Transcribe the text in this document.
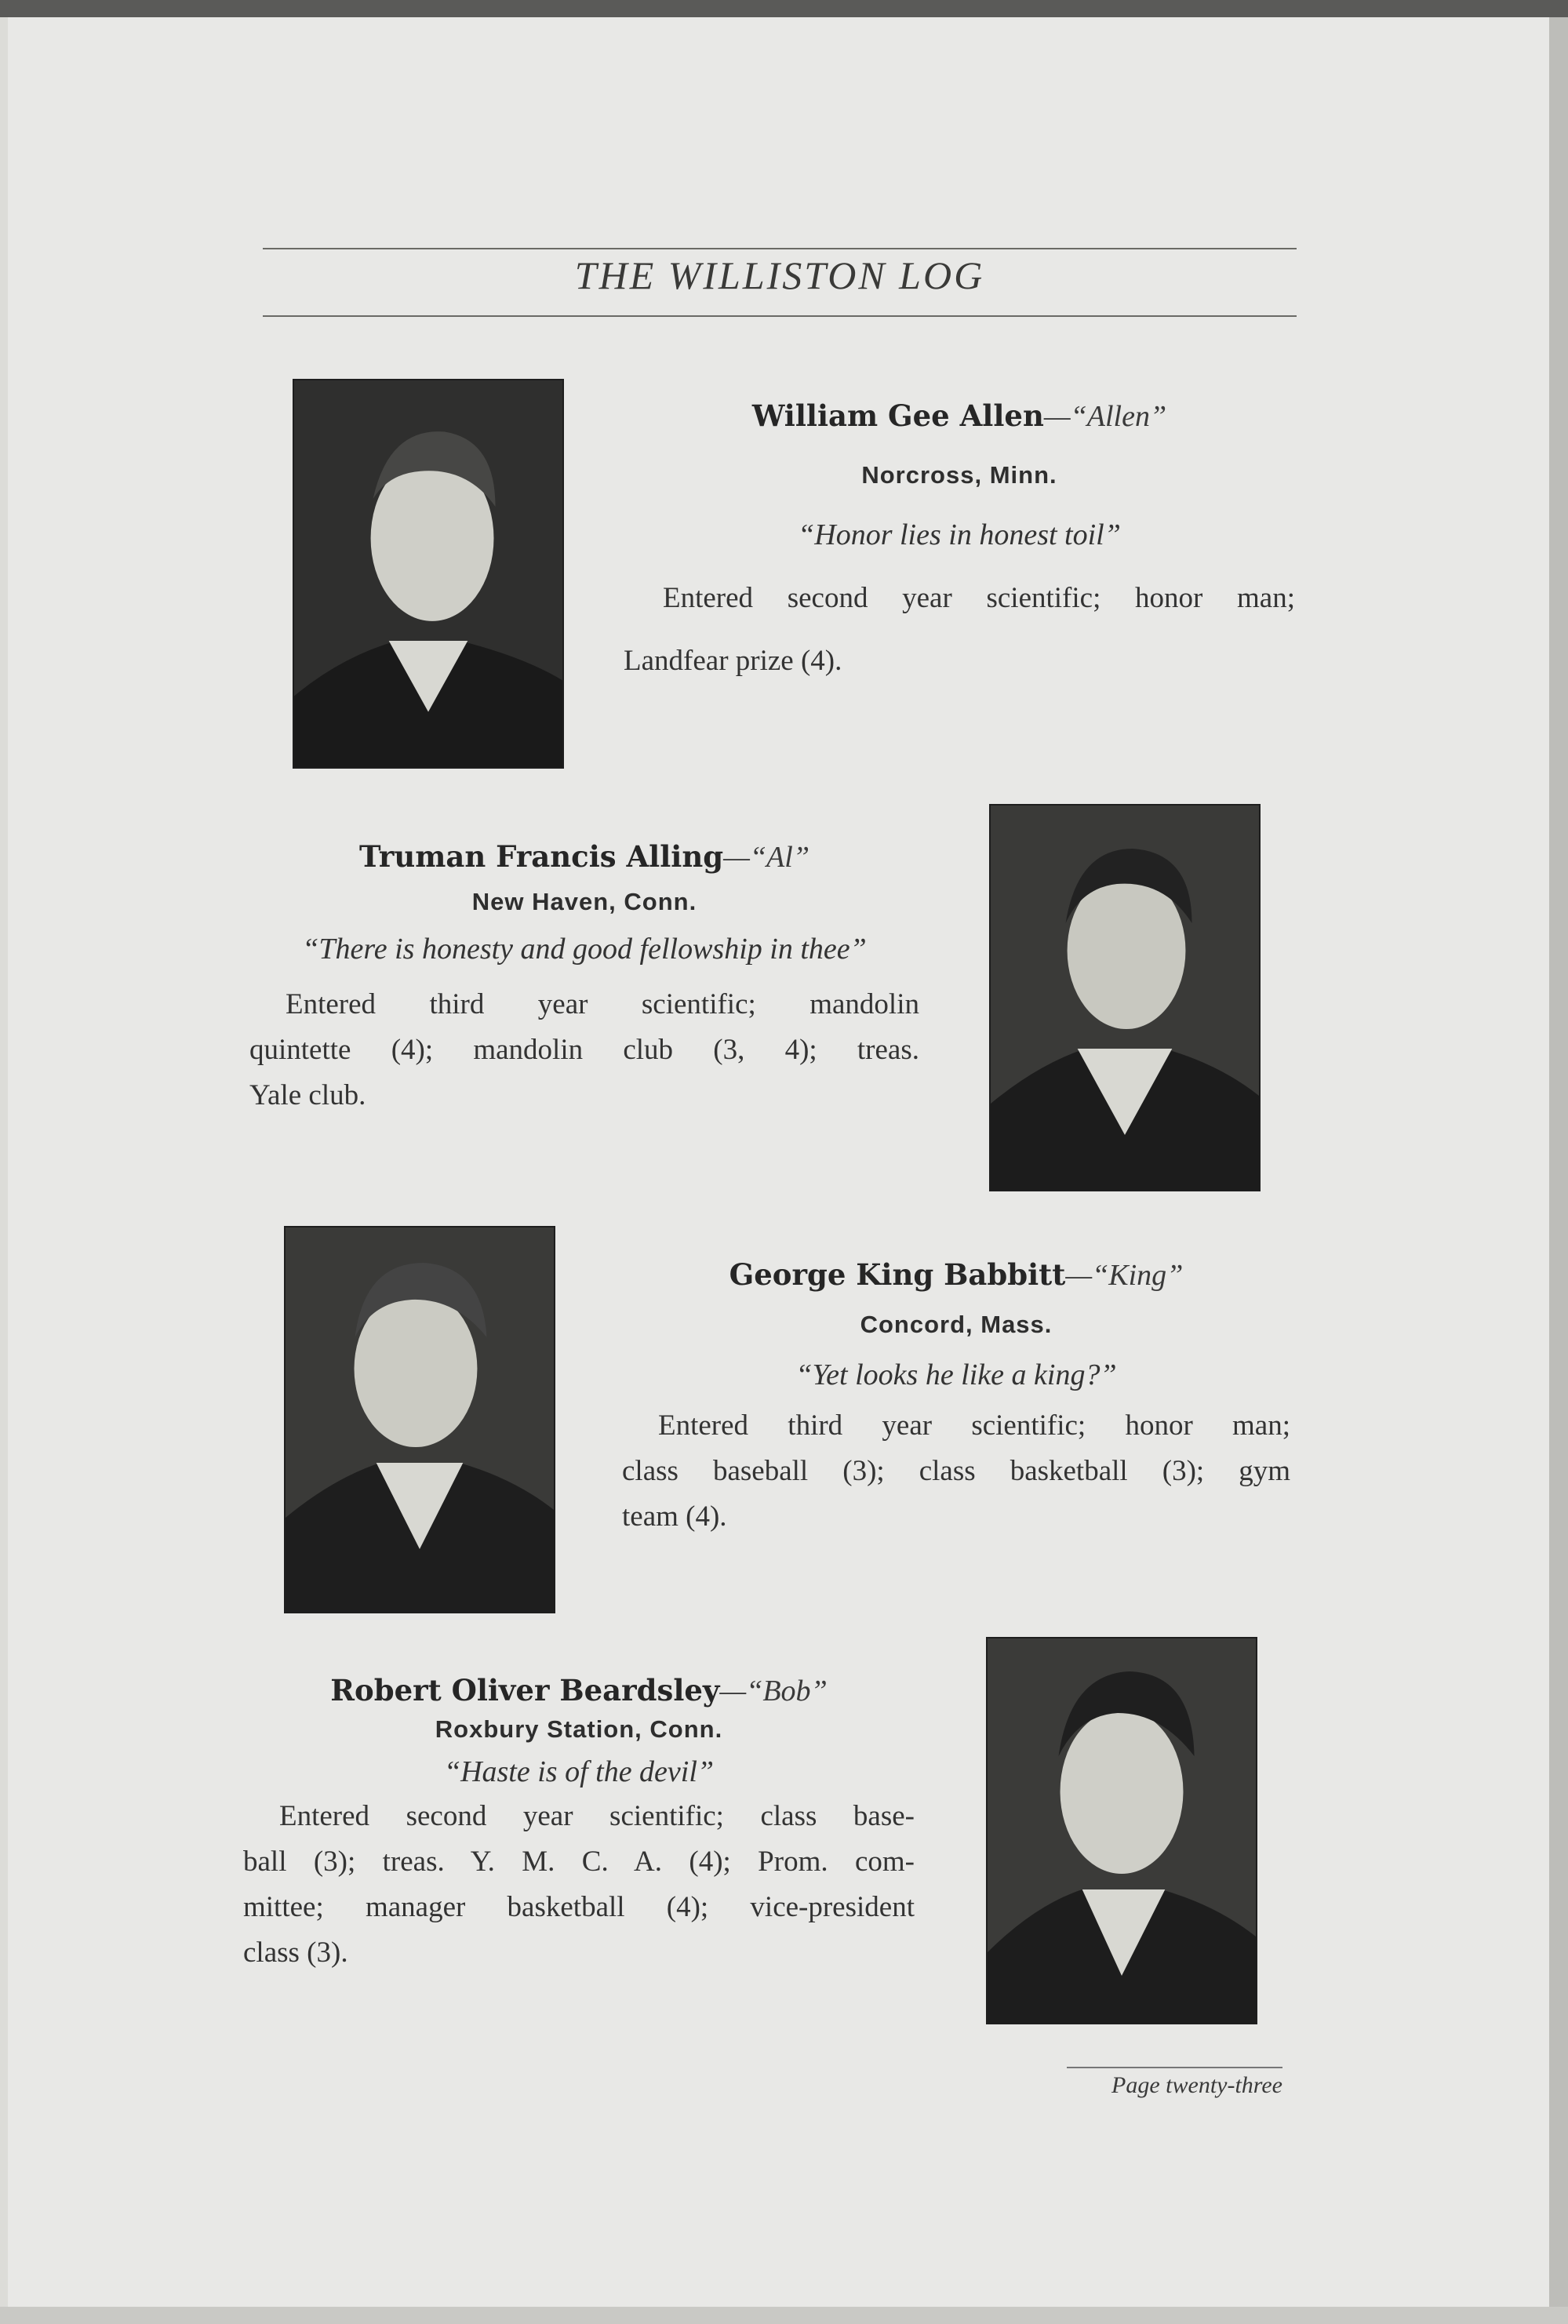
THE WILLISTON LOG
William Gee Allen—“Allen”
Norcross, Minn.
“Honor lies in honest toil”
Entered second year scientific; honor man;
Landfear prize (4).
Truman Francis Alling—“Al”
New Haven, Conn.
“There is honesty and good fellowship in thee”
Entered third year scientific; mandolin
quintette (4); mandolin club (3, 4); treas.
Yale club.
George King Babbitt—“King”
Concord, Mass.
“Yet looks he like a king?”
Entered third year scientific; honor man;
class baseball (3); class basketball (3); gym
team (4).
Robert Oliver Beardsley—“Bob”
Roxbury Station, Conn.
“Haste is of the devil”
Entered second year scientific; class base-
ball (3); treas. Y. M. C. A. (4); Prom. com-
mittee; manager basketball (4); vice-president
class (3).
Page twenty-three
